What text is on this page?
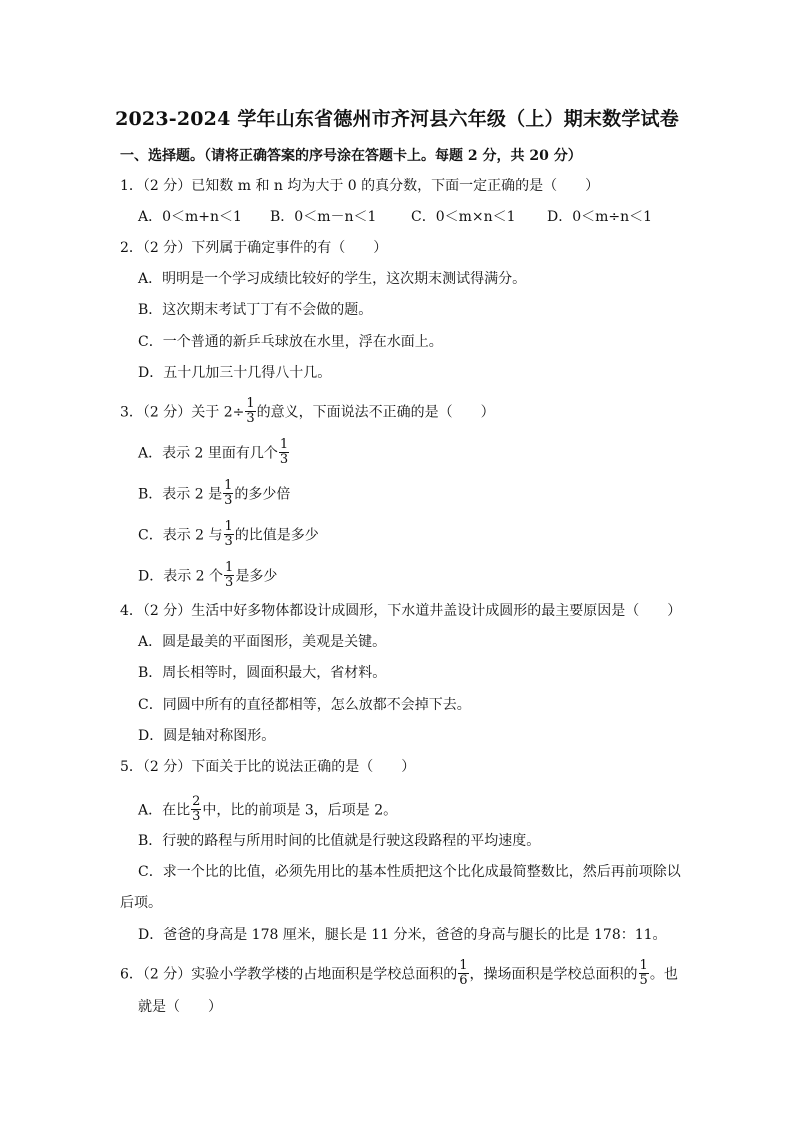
2023-2024 学年山东省德州市齐河县六年级（上）期末数学试卷
一、选择题。（请将正确答案的序号涂在答题卡上。每题 2 分，共 20 分）
1．（2 分）已知数 m 和 n 均为大于 0 的真分数，下面一定正确的是（　　）
A．0＜m+n＜1	B．0＜m－n＜1	C．0＜m×n＜1	D．0＜m÷n＜1
2．（2 分）下列属于确定事件的有（　　）
A．明明是一个学习成绩比较好的学生，这次期末测试得满分。
B．这次期末考试丁丁有不会做的题。
C．一个普通的新乒乓球放在水里，浮在水面上。
D．五十几加三十几得八十几。
3．（2 分）关于 $2\div \frac{1}{3}$ 的意义，下面说法不正确的是（　　）
A．表示 2 里面有几个 $\frac{1}{3}$
B．表示 2 是 $\frac{1}{3}$ 的多少倍
C．表示 2 与 $\frac{1}{3}$ 的比值是多少
D．表示 2 个 $\frac{1}{3}$ 是多少
4．（2 分）生活中好多物体都设计成圆形，下水道井盖设计成圆形的最主要原因是（　　）
A．圆是最美的平面图形，美观是关键。
B．周长相等时，圆面积最大，省材料。
C．同圆中所有的直径都相等，怎么放都不会掉下去。
D．圆是轴对称图形。
5．（2 分）下面关于比的说法正确的是（　　）
A．在比 $\frac{2}{3}$ 中，比的前项是 3，后项是 2。
B．行驶的路程与所用时间的比值就是行驶这段路程的平均速度。
C．求一个比的比值，必须先用比的基本性质把这个比化成最简整数比，然后再前项除以
后项。
D．爸爸的身高是 178 厘米，腿长是 11 分米，爸爸的身高与腿长的比是 178：11。
6．（2 分）实验小学教学楼的占地面积是学校总面积的 $\frac{1}{6}$ ，操场面积是学校总面积的 $\frac{1}{5}$ 。也
就是（　　）
